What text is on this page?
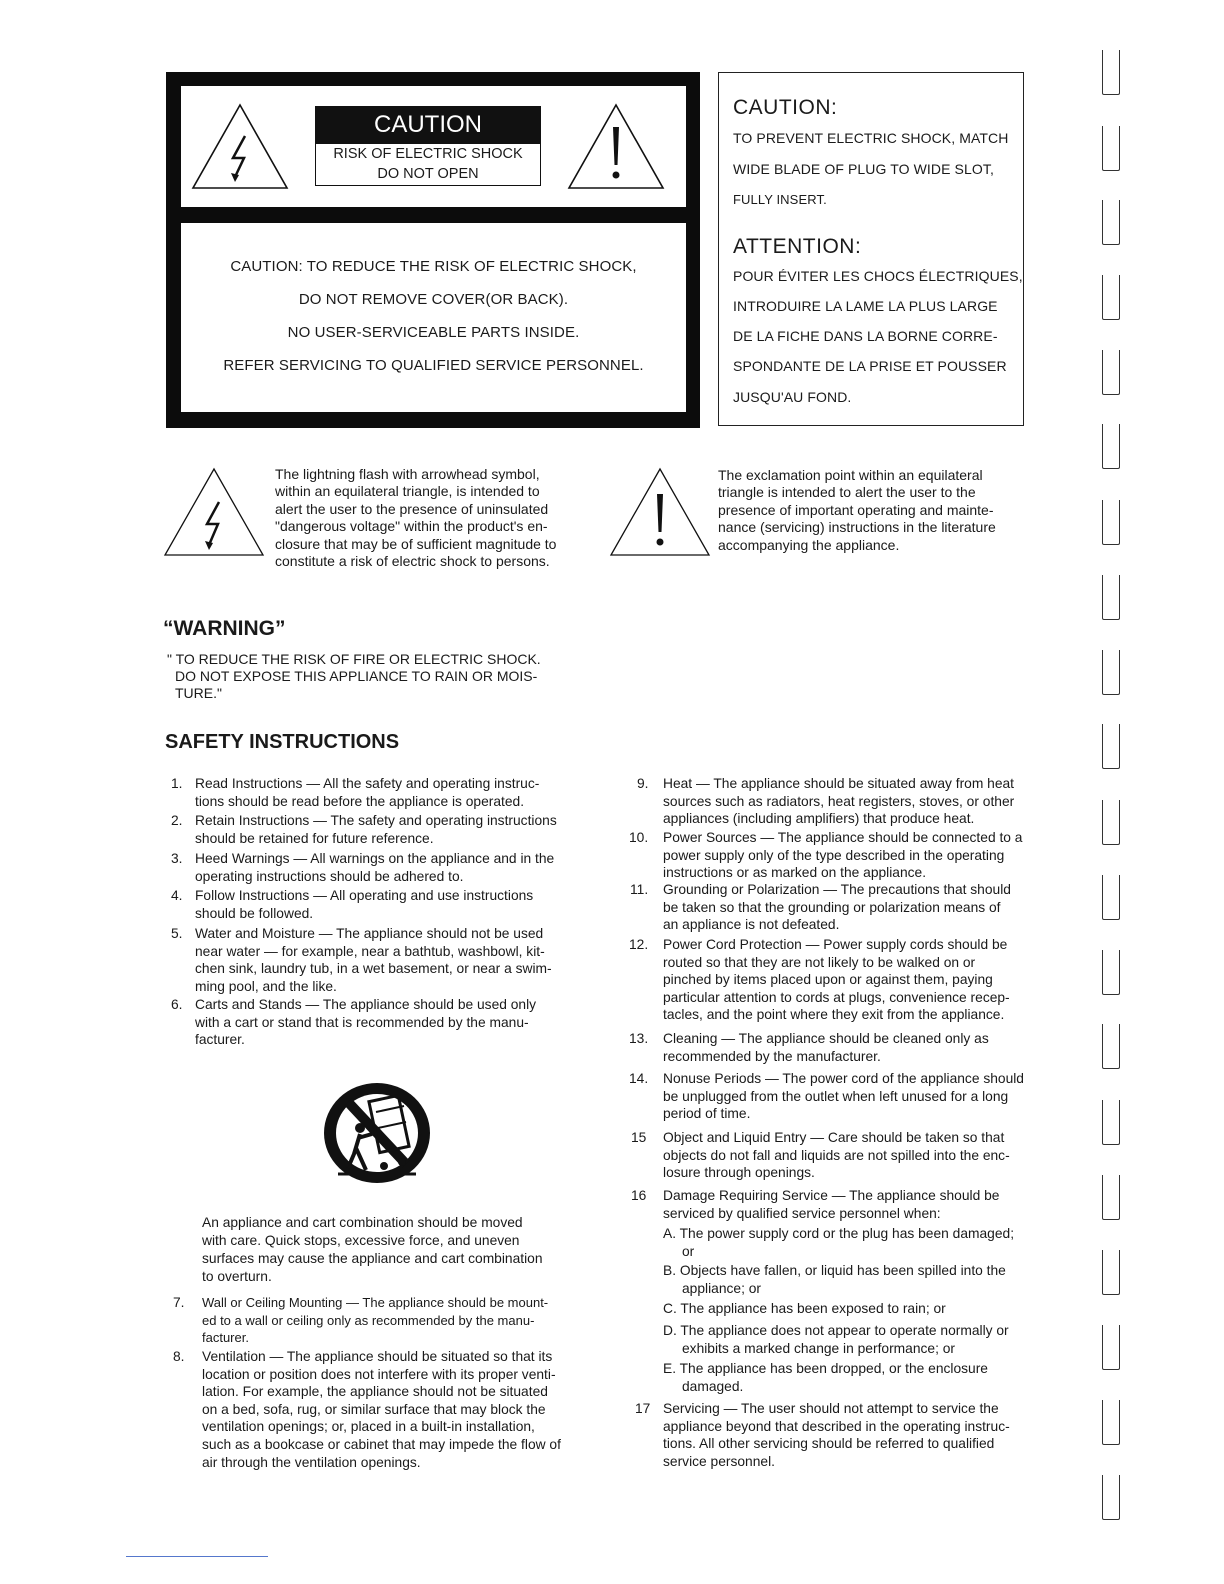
CAUTION
RISK OF ELECTRIC SHOCK
DO NOT OPEN
CAUTION: TO REDUCE THE RISK OF ELECTRIC SHOCK,
DO NOT REMOVE COVER(OR BACK).
NO USER-SERVICEABLE PARTS INSIDE.
REFER SERVICING TO QUALIFIED SERVICE PERSONNEL.
CAUTION:
TO PREVENT ELECTRIC SHOCK, MATCH
WIDE BLADE OF PLUG TO WIDE SLOT,
FULLY INSERT.
ATTENTION:
POUR ÉVITER LES CHOCS ÉLECTRIQUES,
INTRODUIRE LA LAME LA PLUS LARGE
DE LA FICHE DANS LA BORNE CORRE-
SPONDANTE DE LA PRISE ET POUSSER
JUSQU'AU FOND.
The lightning flash with arrowhead symbol,
within an equilateral triangle, is intended to
alert the user to the presence of uninsulated
"dangerous voltage" within the product's en-
closure that may be of sufficient magnitude to
constitute a risk of electric shock to persons.
The exclamation point within an equilateral
triangle is intended to alert the user to the
presence of important operating and mainte-
nance (servicing) instructions in the literature
accompanying the appliance.
“WARNING”
" TO REDUCE THE RISK OF FIRE OR ELECTRIC SHOCK.
DO NOT EXPOSE THIS APPLIANCE TO RAIN OR MOIS-
TURE."
SAFETY INSTRUCTIONS
1. Read Instructions — All the safety and operating instruc-
tions should be read before the appliance is operated.
2. Retain Instructions — The safety and operating instructions
should be retained for future reference.
3. Heed Warnings — All warnings on the appliance and in the
operating instructions should be adhered to.
4. Follow Instructions — All operating and use instructions
should be followed.
5. Water and Moisture — The appliance should not be used
near water — for example, near a bathtub, washbowl, kit-
chen sink, laundry tub, in a wet basement, or near a swim-
ming pool, and the like.
6. Carts and Stands — The appliance should be used only
with a cart or stand that is recommended by the manu-
facturer.
An appliance and cart combination should be moved
with care. Quick stops, excessive force, and uneven
surfaces may cause the appliance and cart combination
to overturn.
7. Wall or Ceiling Mounting — The appliance should be mount-
ed to a wall or ceiling only as recommended by the manu-
facturer.
8. Ventilation — The appliance should be situated so that its
location or position does not interfere with its proper venti-
lation. For example, the appliance should not be situated
on a bed, sofa, rug, or similar surface that may block the
ventilation openings; or, placed in a built-in installation,
such as a bookcase or cabinet that may impede the flow of
air through the ventilation openings.
9. Heat — The appliance should be situated away from heat
sources such as radiators, heat registers, stoves, or other
appliances (including amplifiers) that produce heat.
10. Power Sources — The appliance should be connected to a
power supply only of the type described in the operating
instructions or as marked on the appliance.
11. Grounding or Polarization — The precautions that should
be taken so that the grounding or polarization means of
an appliance is not defeated.
12. Power Cord Protection — Power supply cords should be
routed so that they are not likely to be walked on or
pinched by items placed upon or against them, paying
particular attention to cords at plugs, convenience recep-
tacles, and the point where they exit from the appliance.
13. Cleaning — The appliance should be cleaned only as
recommended by the manufacturer.
14. Nonuse Periods — The power cord of the appliance should
be unplugged from the outlet when left unused for a long
period of time.
15 Object and Liquid Entry — Care should be taken so that
objects do not fall and liquids are not spilled into the enc-
losure through openings.
16 Damage Requiring Service — The appliance should be
serviced by qualified service personnel when:
A. The power supply cord or the plug has been damaged;
or
B. Objects have fallen, or liquid has been spilled into the
appliance; or
C. The appliance has been exposed to rain; or
D. The appliance does not appear to operate normally or
exhibits a marked change in performance; or
E. The appliance has been dropped, or the enclosure
damaged.
17 Servicing — The user should not attempt to service the
appliance beyond that described in the operating instruc-
tions. All other servicing should be referred to qualified
service personnel.
